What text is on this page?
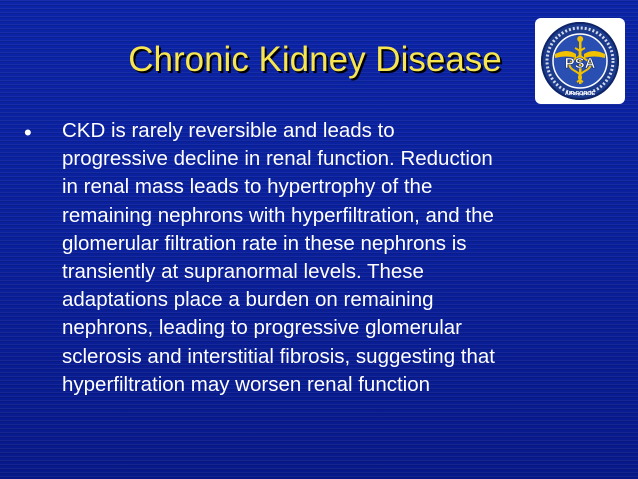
Chronic Kidney Disease	PSA
AIR FORCE
• CKD is rarely reversible and leads to
progressive decline in renal function. Reduction
in renal mass leads to hypertrophy of the
remaining nephrons with hyperfiltration, and the
glomerular filtration rate in these nephrons is
transiently at supranormal levels. These
adaptations place a burden on remaining
nephrons, leading to progressive glomerular
sclerosis and interstitial fibrosis, suggesting that
hyperfiltration may worsen renal function
